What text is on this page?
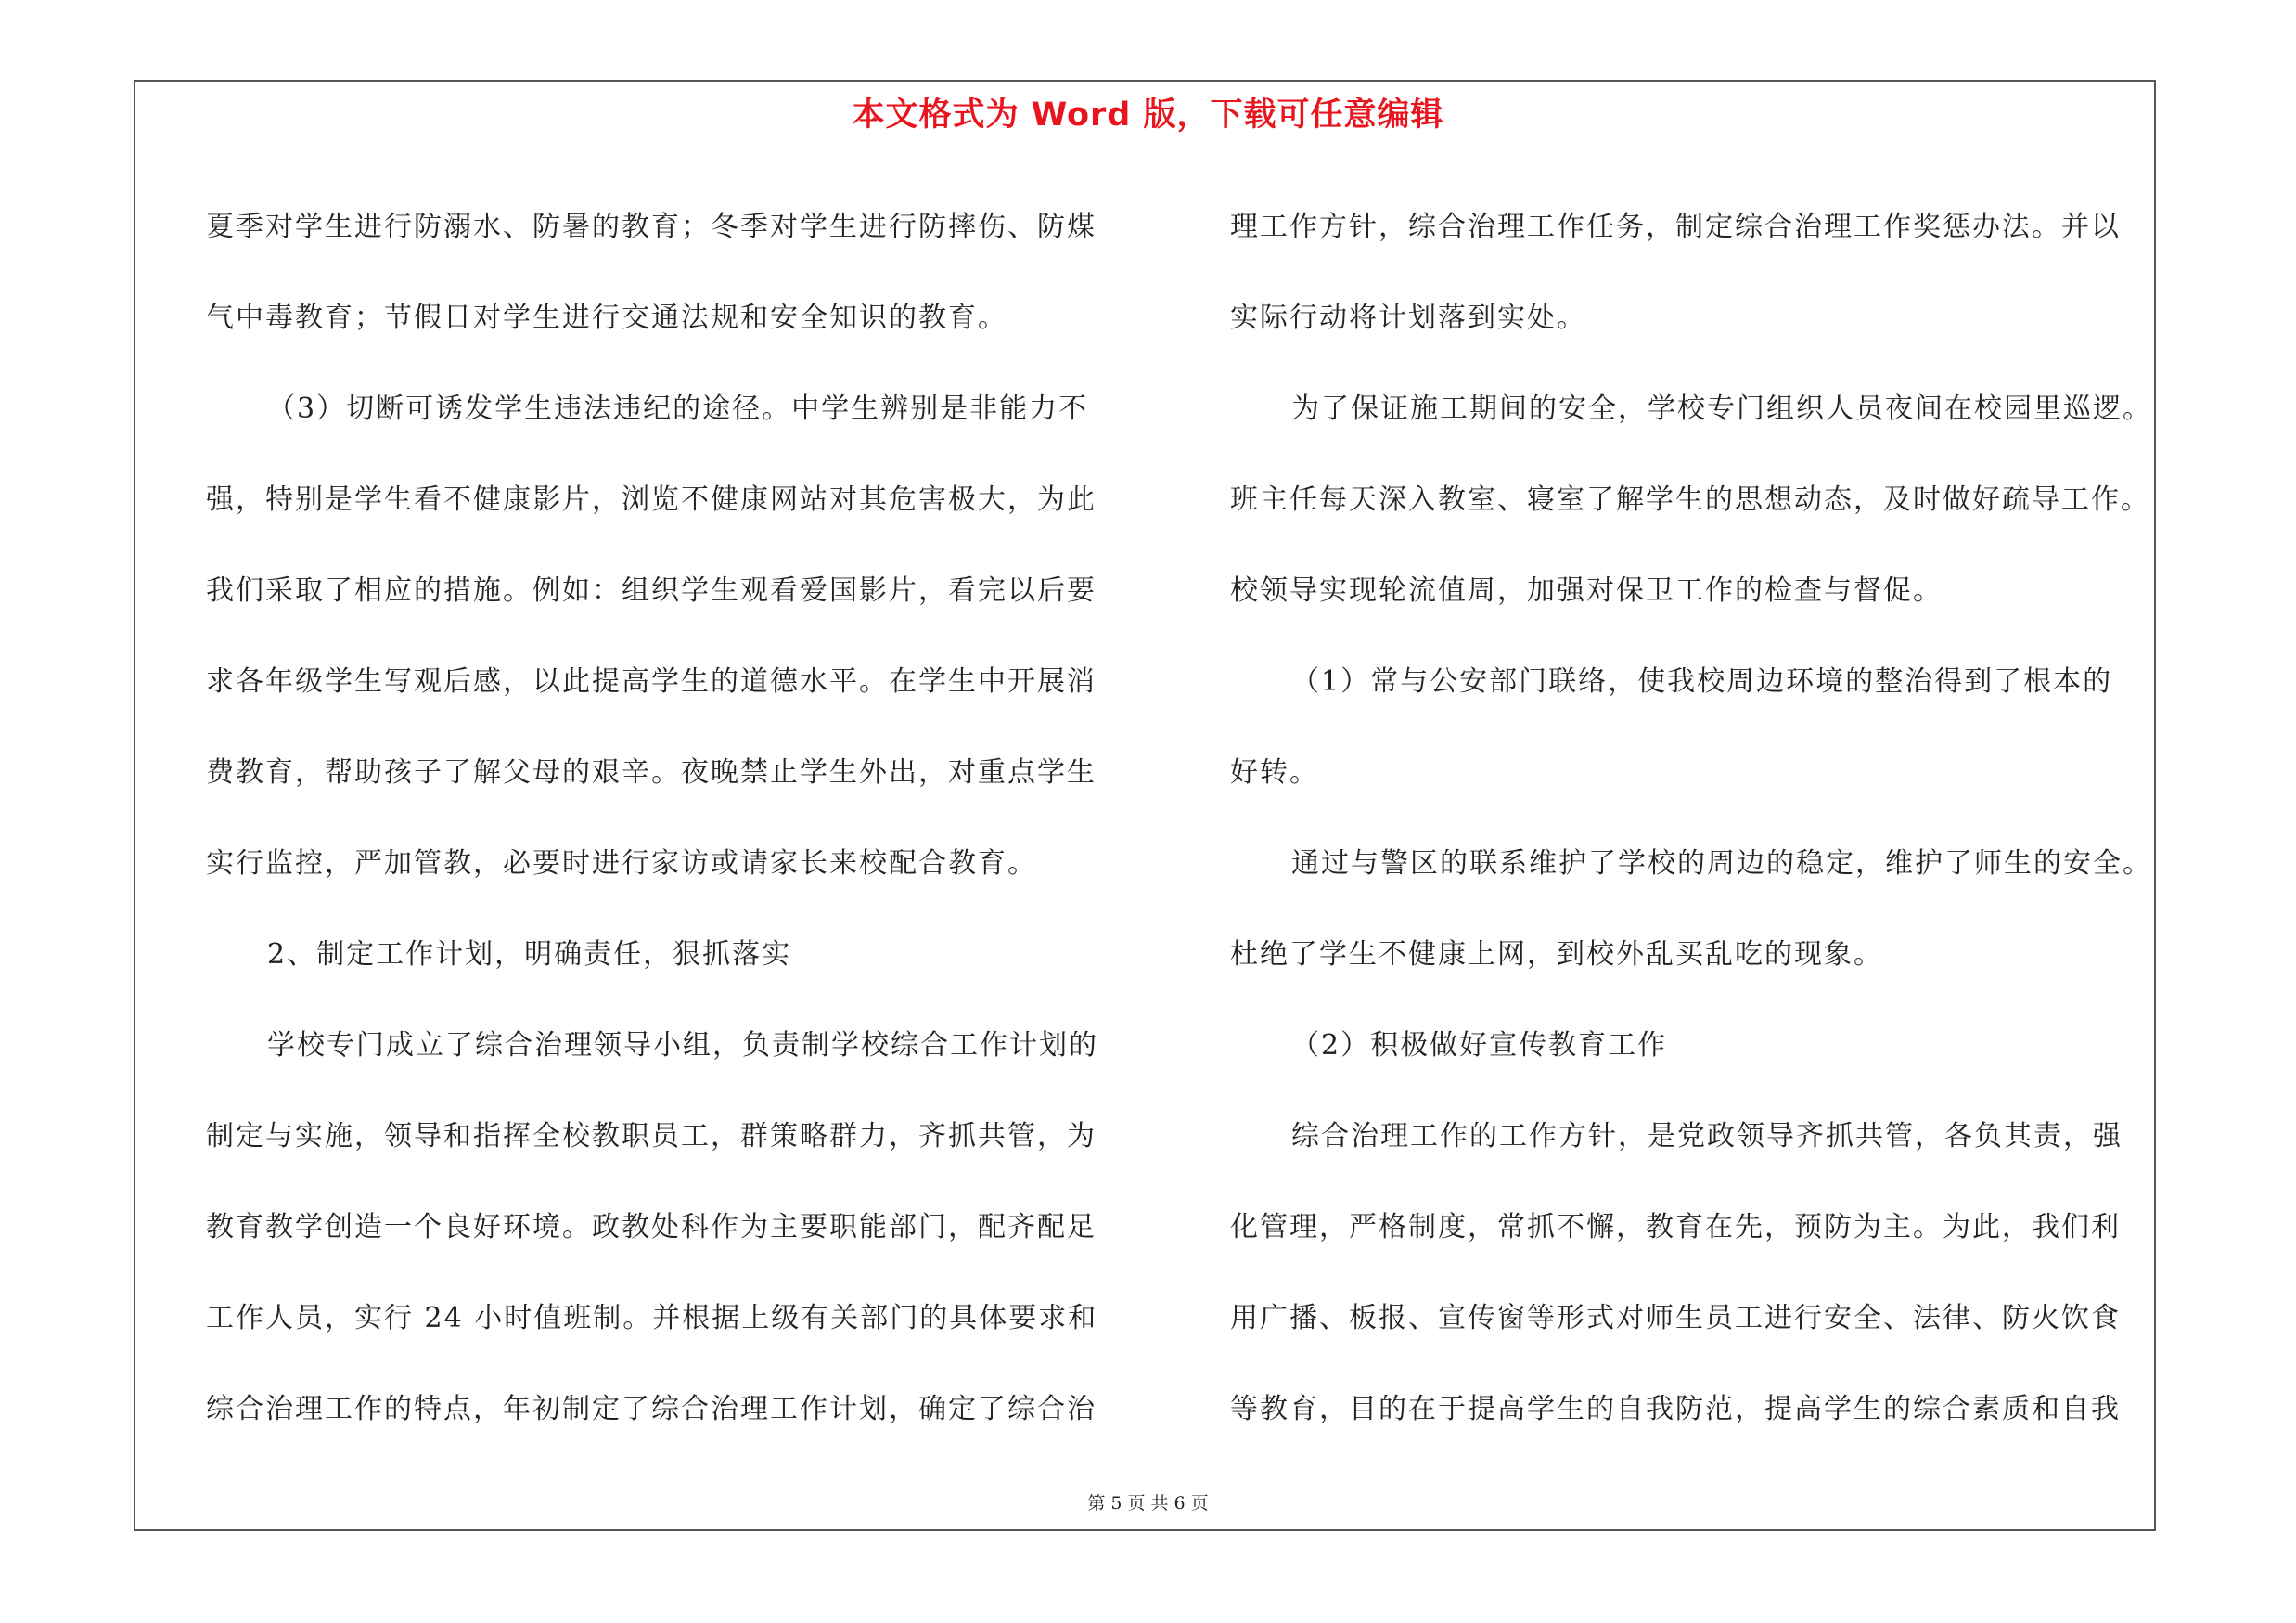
本文格式为 Word 版，下载可任意编辑
夏季对学生进行防溺水、防暑的教育；冬季对学生进行防摔伤、防煤
气中毒教育；节假日对学生进行交通法规和安全知识的教育。
（3）切断可诱发学生违法违纪的途径。中学生辨别是非能力不
强，特别是学生看不健康影片，浏览不健康网站对其危害极大，为此
我们采取了相应的措施。例如：组织学生观看爱国影片，看完以后要
求各年级学生写观后感，以此提高学生的道德水平。在学生中开展消
费教育，帮助孩子了解父母的艰辛。夜晚禁止学生外出，对重点学生
实行监控，严加管教，必要时进行家访或请家长来校配合教育。
2、制定工作计划，明确责任，狠抓落实
学校专门成立了综合治理领导小组，负责制学校综合工作计划的
制定与实施，领导和指挥全校教职员工，群策略群力，齐抓共管，为
教育教学创造一个良好环境。政教处科作为主要职能部门，配齐配足
工作人员，实行 24 小时值班制。并根据上级有关部门的具体要求和
综合治理工作的特点，年初制定了综合治理工作计划，确定了综合治
理工作方针，综合治理工作任务，制定综合治理工作奖惩办法。并以
实际行动将计划落到实处。
为了保证施工期间的安全，学校专门组织人员夜间在校园里巡逻。
班主任每天深入教室、寝室了解学生的思想动态，及时做好疏导工作。
校领导实现轮流值周，加强对保卫工作的检查与督促。
（1）常与公安部门联络，使我校周边环境的整治得到了根本的
好转。
通过与警区的联系维护了学校的周边的稳定，维护了师生的安全。
杜绝了学生不健康上网，到校外乱买乱吃的现象。
（2）积极做好宣传教育工作
综合治理工作的工作方针，是党政领导齐抓共管，各负其责，强
化管理，严格制度，常抓不懈，教育在先，预防为主。为此，我们利
用广播、板报、宣传窗等形式对师生员工进行安全、法律、防火饮食
等教育，目的在于提高学生的自我防范，提高学生的综合素质和自我
第 5 页 共 6 页
